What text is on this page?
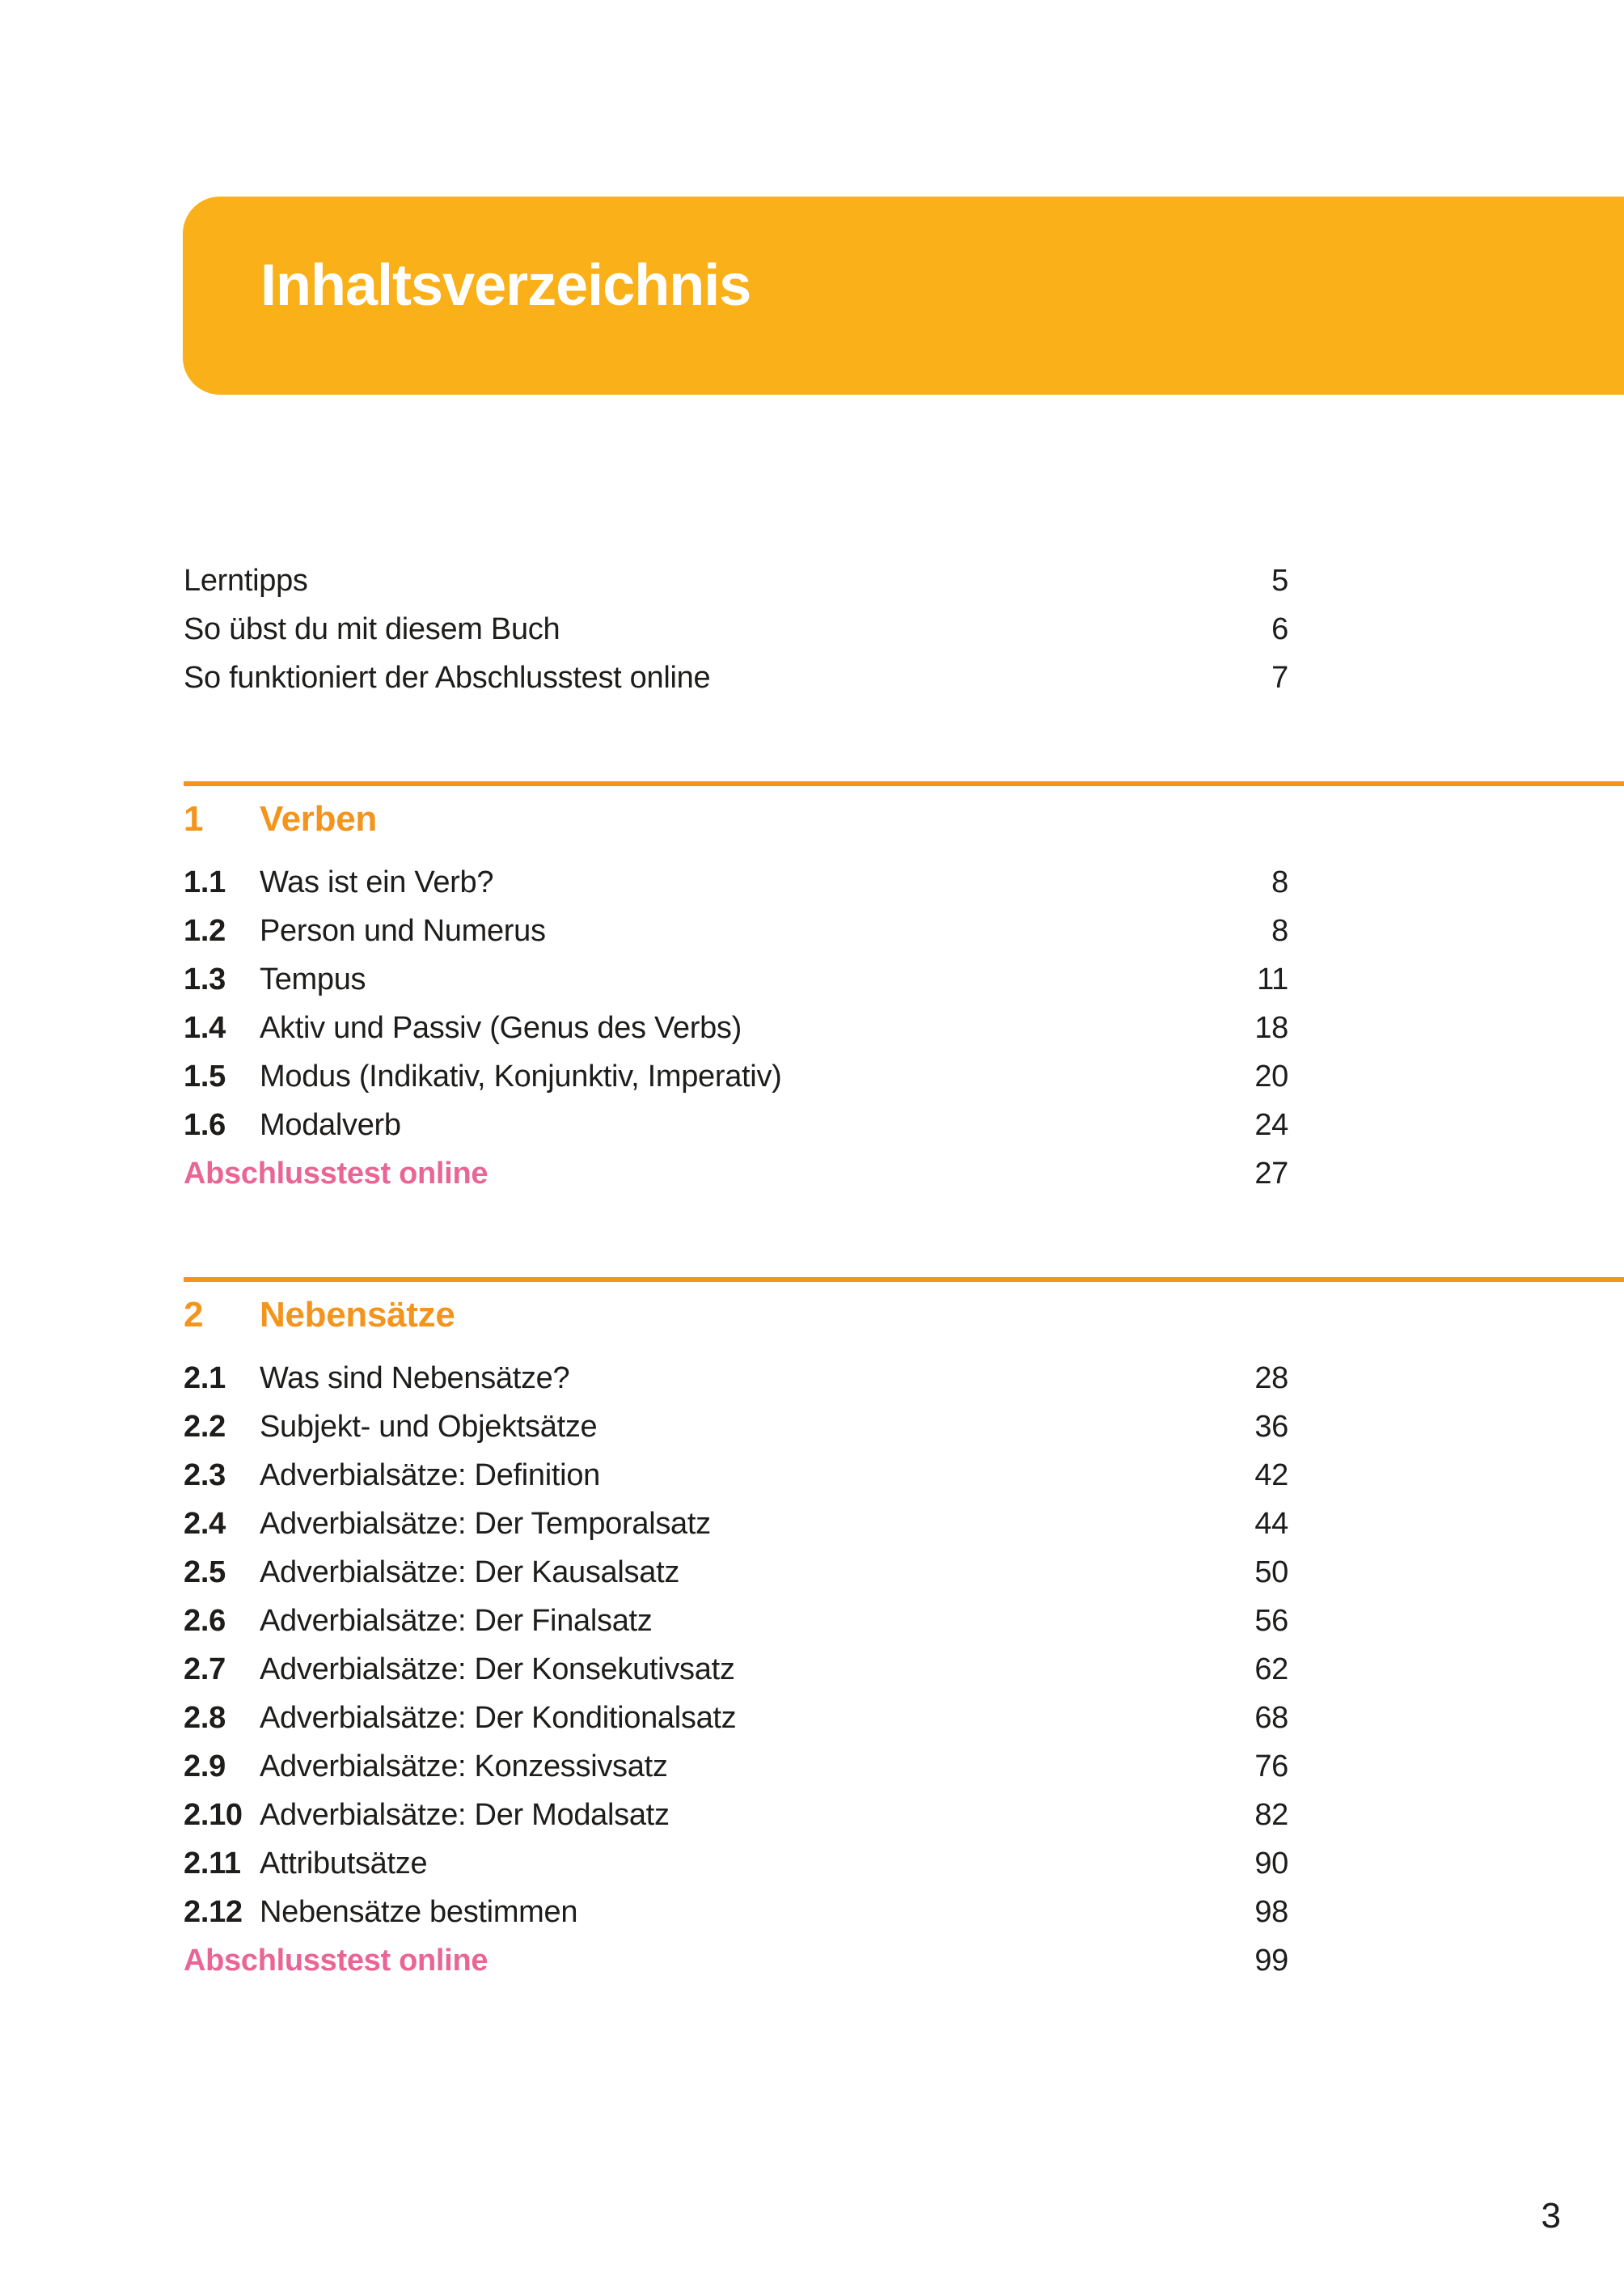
Inhaltsverzeichnis
Lerntipps	5
So übst du mit diesem Buch	6
So funktioniert der Abschlusstest online	7
1	Verben
1.1	Was ist ein Verb?	8
1.2	Person und Numerus	8
1.3	Tempus	11
1.4	Aktiv und Passiv (Genus des Verbs)	18
1.5	Modus (Indikativ, Konjunktiv, Imperativ)	20
1.6	Modalverb	24
Abschlusstest online	27
2	Nebensätze
2.1	Was sind Nebensätze?	28
2.2	Subjekt- und Objektsätze	36
2.3	Adverbialsätze: Definition	42
2.4	Adverbialsätze: Der Temporalsatz	44
2.5	Adverbialsätze: Der Kausalsatz	50
2.6	Adverbialsätze: Der Finalsatz	56
2.7	Adverbialsätze: Der Konsekutivsatz	62
2.8	Adverbialsätze: Der Konditionalsatz	68
2.9	Adverbialsätze: Konzessivsatz	76
2.10 Adverbialsätze: Der Modalsatz	82
2.11 Attributsätze	90
2.12 Nebensätze bestimmen	98
Abschlusstest online	99
3
